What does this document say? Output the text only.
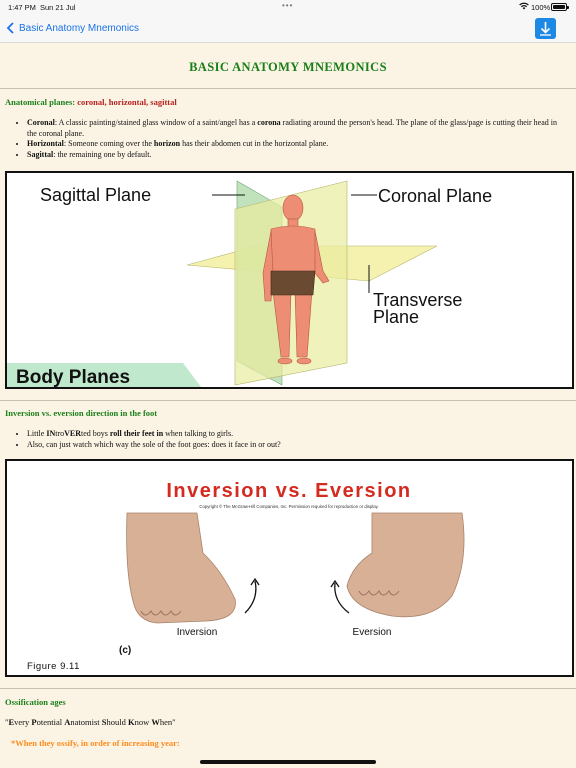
1:47 PM Sun 21 Jul	•••	100%
Basic Anatomy Mnemonics
BASIC ANATOMY MNEMONICS
Anatomical planes: coronal, horizontal, sagittal
• Coronal: A classic painting/stained glass window of a saint/angel has a corona radiating around the person's head. The plane of the glass/page is cutting their head in the coronal plane.
• Horizontal: Someone coming over the horizon has their abdomen cut in the horizontal plane.
• Sagittal: the remaining one by default.
Sagittal Plane	Coronal Plane
Transverse
Plane
Body Planes
Inversion vs. eversion direction in the foot
• Little INtroVERted boys roll their feet in when talking to girls.
• Also, can just watch which way the sole of the foot goes: does it face in or out?
Inversion vs. Eversion
Copyright © The McGraw-Hill Companies, Inc. Permission required for reproduction or display.
Inversion	Eversion
(c)
Figure 9.11
Ossification ages
"Every Potential Anatomist Should Know When"
*When they ossify, in order of increasing year:
